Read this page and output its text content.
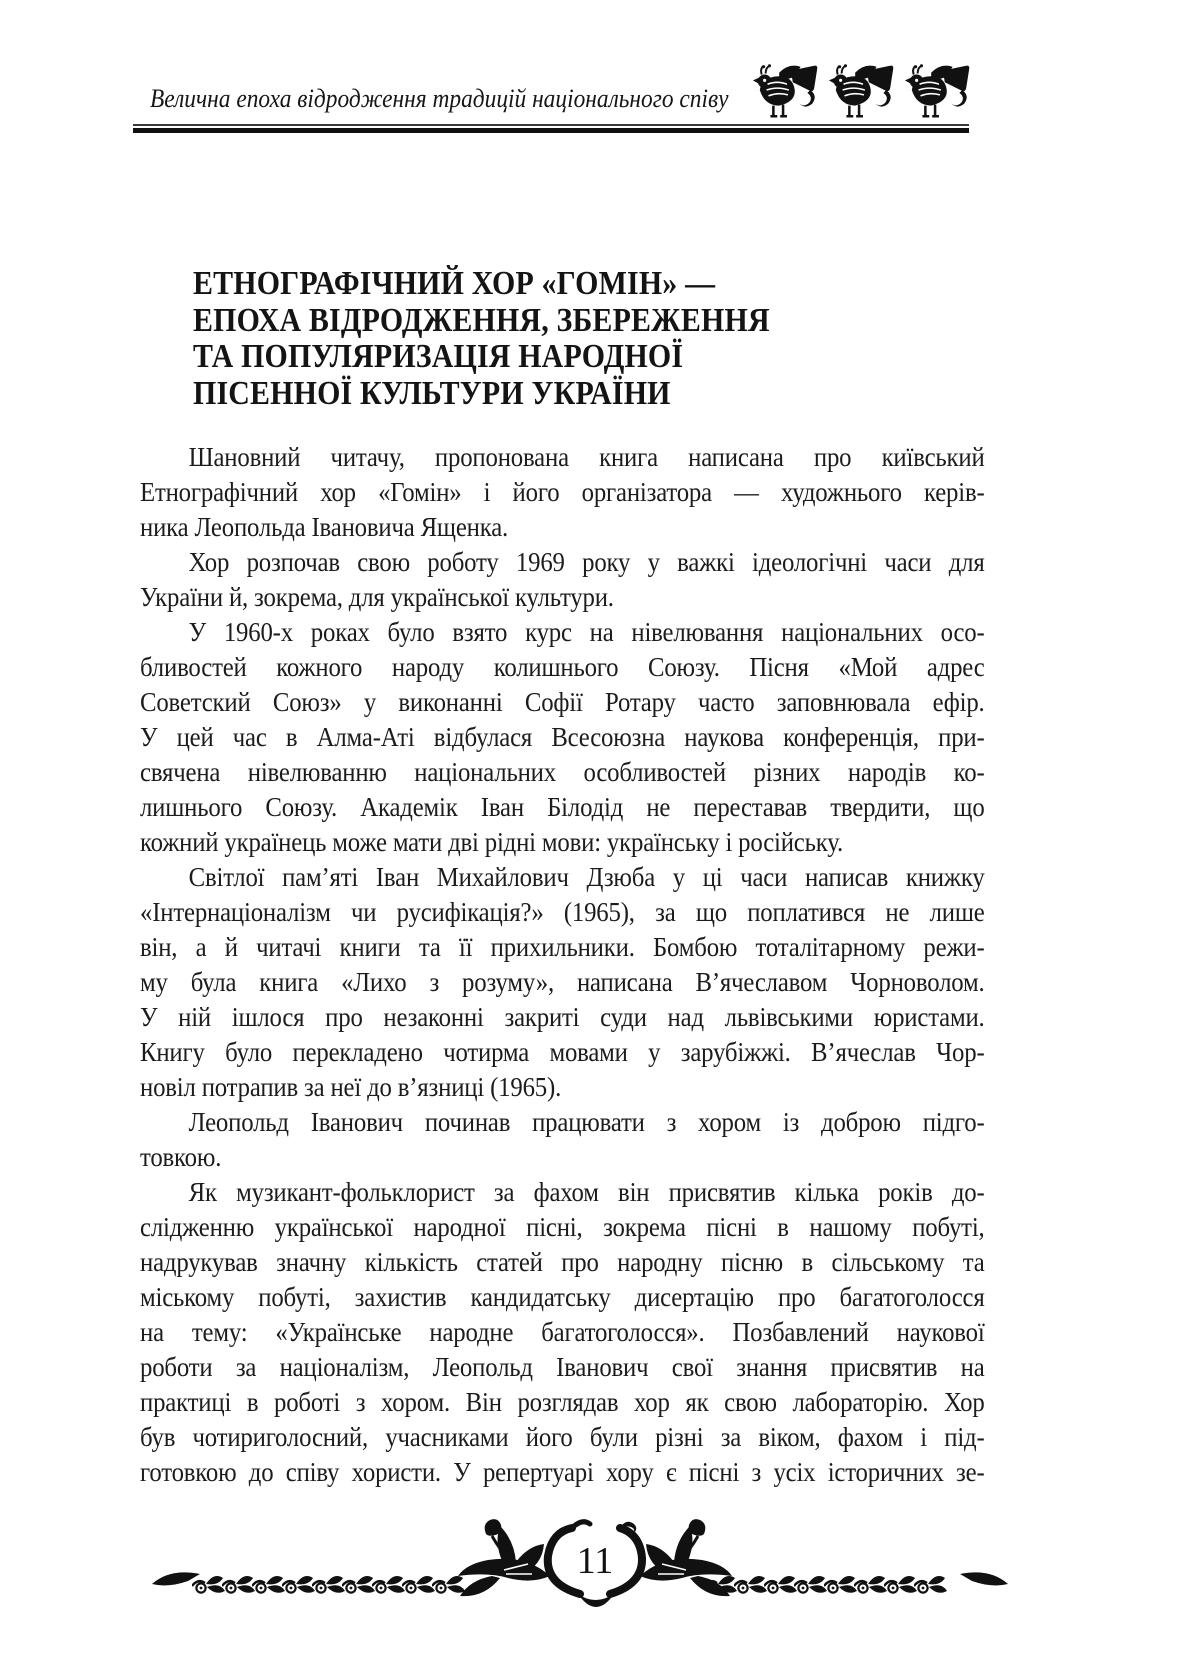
Велична епоха відродження традицій національного співу
ЕТНОГРАФІЧНИЙ ХОР «ГОМІН» —
ЕПОХА ВІДРОДЖЕННЯ, ЗБЕРЕЖЕННЯ
ТА ПОПУЛЯРИЗАЦІЯ НАРОДНОЇ
ПІСЕННОЇ КУЛЬТУРИ УКРАЇНИ
Шановний читачу, пропонована книга написана про київський
Етнографічний хор «Гомін» і його організатора — художнього керів-
ника Леопольда Івановича Ященка.
Хор розпочав свою роботу 1969 року у важкі ідеологічні часи для
України й, зокрема, для української культури.
У 1960-х роках було взято курс на нівелювання національних осо-
бливостей кожного народу колишнього Союзу. Пісня «Мой адрес
Советский Союз» у виконанні Софії Ротару часто заповнювала ефір.
У цей час в Алма-Аті відбулася Всесоюзна наукова конференція, при-
свячена нівелюванню національних особливостей різних народів ко-
лишнього Союзу. Академік Іван Білодід не переставав твердити, що
кожний українець може мати дві рідні мови: українську і російську.
Світлої пам’яті Іван Михайлович Дзюба у ці часи написав книжку
«Інтернаціоналізм чи русифікація?» (1965), за що поплатився не лише
він, а й читачі книги та її прихильники. Бомбою тоталітарному режи-
му була книга «Лихо з розуму», написана В’ячеславом Чорноволом.
У ній ішлося про незаконні закриті суди над львівськими юристами.
Книгу було перекладено чотирма мовами у зарубіжжі. В’ячеслав Чор-
новіл потрапив за неї до в’язниці (1965).
Леопольд Іванович починав працювати з хором із доброю підго-
товкою.
Як музикант-фольклорист за фахом він присвятив кілька років до-
слідженню української народної пісні, зокрема пісні в нашому побуті,
надрукував значну кількість статей про народну пісню в сільському та
міському побуті, захистив кандидатську дисертацію про багатоголосся
на тему: «Українське народне багатоголосся». Позбавлений наукової
роботи за націоналізм, Леопольд Іванович свої знання присвятив на
практиці в роботі з хором. Він розглядав хор як свою лабораторію. Хор
був чотириголосний, учасниками його були різні за віком, фахом і під-
готовкою до співу хористи. У репертуарі хору є пісні з усіх історичних зе-
11
